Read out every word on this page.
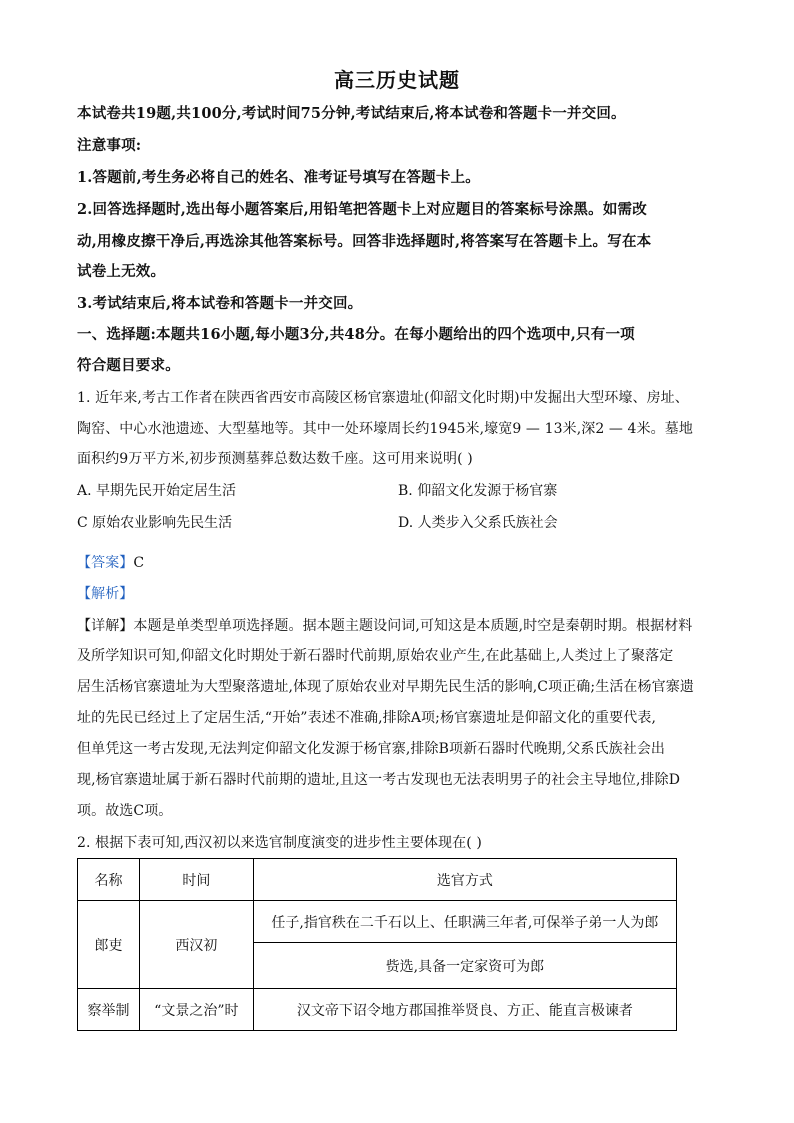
高三历史试题
本试卷共19题,共100分,考试时间75分钟,考试结束后,将本试卷和答题卡一并交回。
注意事项:
1.答题前,考生务必将自己的姓名、准考证号填写在答题卡上。
2.回答选择题时,选出每小题答案后,用铅笔把答题卡上对应题目的答案标号涂黑。如需改
动,用橡皮擦干净后,再选涂其他答案标号。回答非选择题时,将答案写在答题卡上。写在本
试卷上无效。
3.考试结束后,将本试卷和答题卡一并交回。
一、选择题:本题共16小题,每小题3分,共48分。在每小题给出的四个选项中,只有一项
符合题目要求。
1. 近年来,考古工作者在陕西省西安市高陵区杨官寨遗址(仰韶文化时期)中发掘出大型环壕、房址、
陶窑、中心水池遗迹、大型墓地等。其中一处环壕周长约1945米,壕宽9 — 13米,深2 — 4米。墓地
面积约9万平方米,初步预测墓葬总数达数千座。这可用来说明( )
A. 早期先民开始定居生活	B. 仰韶文化发源于杨官寨
C 原始农业影响先民生活	D. 人类步入父系氏族社会
【答案】C
【解析】
【详解】本题是单类型单项选择题。据本题主题设问词,可知这是本质题,时空是秦朝时期。根据材料
及所学知识可知,仰韶文化时期处于新石器时代前期,原始农业产生,在此基础上,人类过上了聚落定
居生活杨官寨遗址为大型聚落遗址,体现了原始农业对早期先民生活的影响,C项正确;生活在杨官寨遗
址的先民已经过上了定居生活,“开始”表述不准确,排除A项;杨官寨遗址是仰韶文化的重要代表,
但单凭这一考古发现,无法判定仰韶文化发源于杨官寨,排除B项新石器时代晚期,父系氏族社会出
现,杨官寨遗址属于新石器时代前期的遗址,且这一考古发现也无法表明男子的社会主导地位,排除D
项。故选C项。
2. 根据下表可知,西汉初以来选官制度演变的进步性主要体现在( )
名称	时间	选官方式
郎吏	西汉初	任子,指官秩在二千石以上、任职满三年者,可保举子弟一人为郎
		赀选,具备一定家资可为郎
察举制	“文景之治”时	汉文帝下诏令地方郡国推举贤良、方正、能直言极谏者
